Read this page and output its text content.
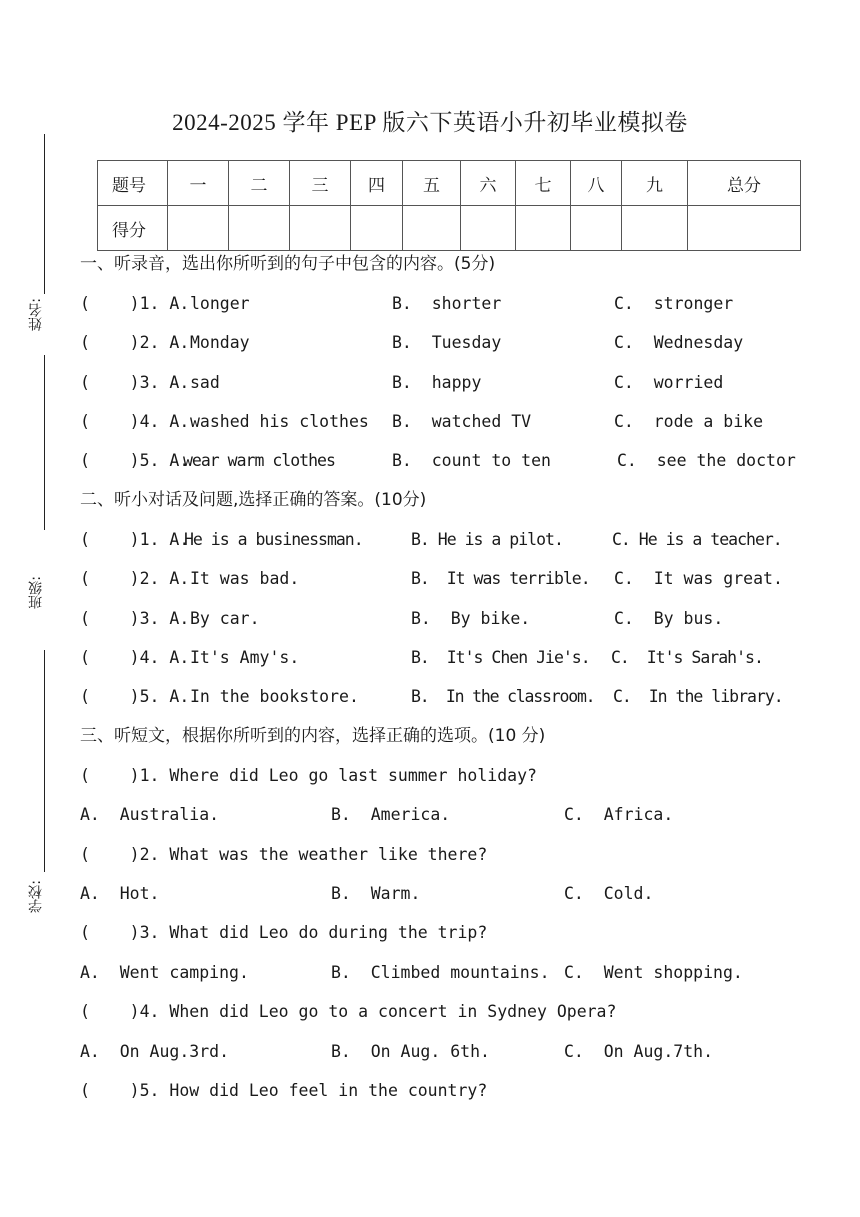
2024-2025 学年 PEP 版六下英语小升初毕业模拟卷
姓名:
班级:
学校:
题号	一	二	三	四	五	六	七	八	九	总分
得分										
一、听录音，选出你所听到的句子中包含的内容。(5分)

(    )1. A.

longer

	B.  shorter

	C.  stronger

(    )2. A.

Monday

	B.  Tuesday

	C.  Wednesday

(    )3. A.

sad

	B.  happy

	C.  worried

(    )4. A.

washed his clothes

B.  watched TV

	C.  rode a bike

(    )5. A.

wear warm clothes

	B.  count to ten

	C.  see the doctor

二、听小对话及问题,选择正确的答案。(10分)

(    )1. A.

He is a businessman.

	B. He is a pilot.

	C. He is a teacher.

(    )2. A.

It was bad.

	B.  It was terrible.

C.  It was great.

(    )3. A.

By car.

	B.  By bike.

	C.  By bus.

(    )4. A.

It's Amy's.

	B.  It's Chen Jie's.

C.  It's Sarah's.

(    )5. A.

In the bookstore.

	B.  In the classroom.

C.  In the library.

三、听短文，根据你所听到的内容，选择正确的选项。(10 分)
(    )1. Where did Leo go last summer holiday?

A.  Australia.

	B.  America.

	C.  Africa.

(    )2. What was the weather like there?

A.  Hot.

	B.  Warm.

	C.  Cold.

(    )3. What did Leo do during the trip?

A.  Went camping.

	B.  Climbed mountains.

C.  Went shopping.

(    )4. When did Leo go to a concert in Sydney Opera?

A.  On Aug.3rd.

	B.  On Aug. 6th.

	C.  On Aug.7th.

(    )5. How did Leo feel in the country?
